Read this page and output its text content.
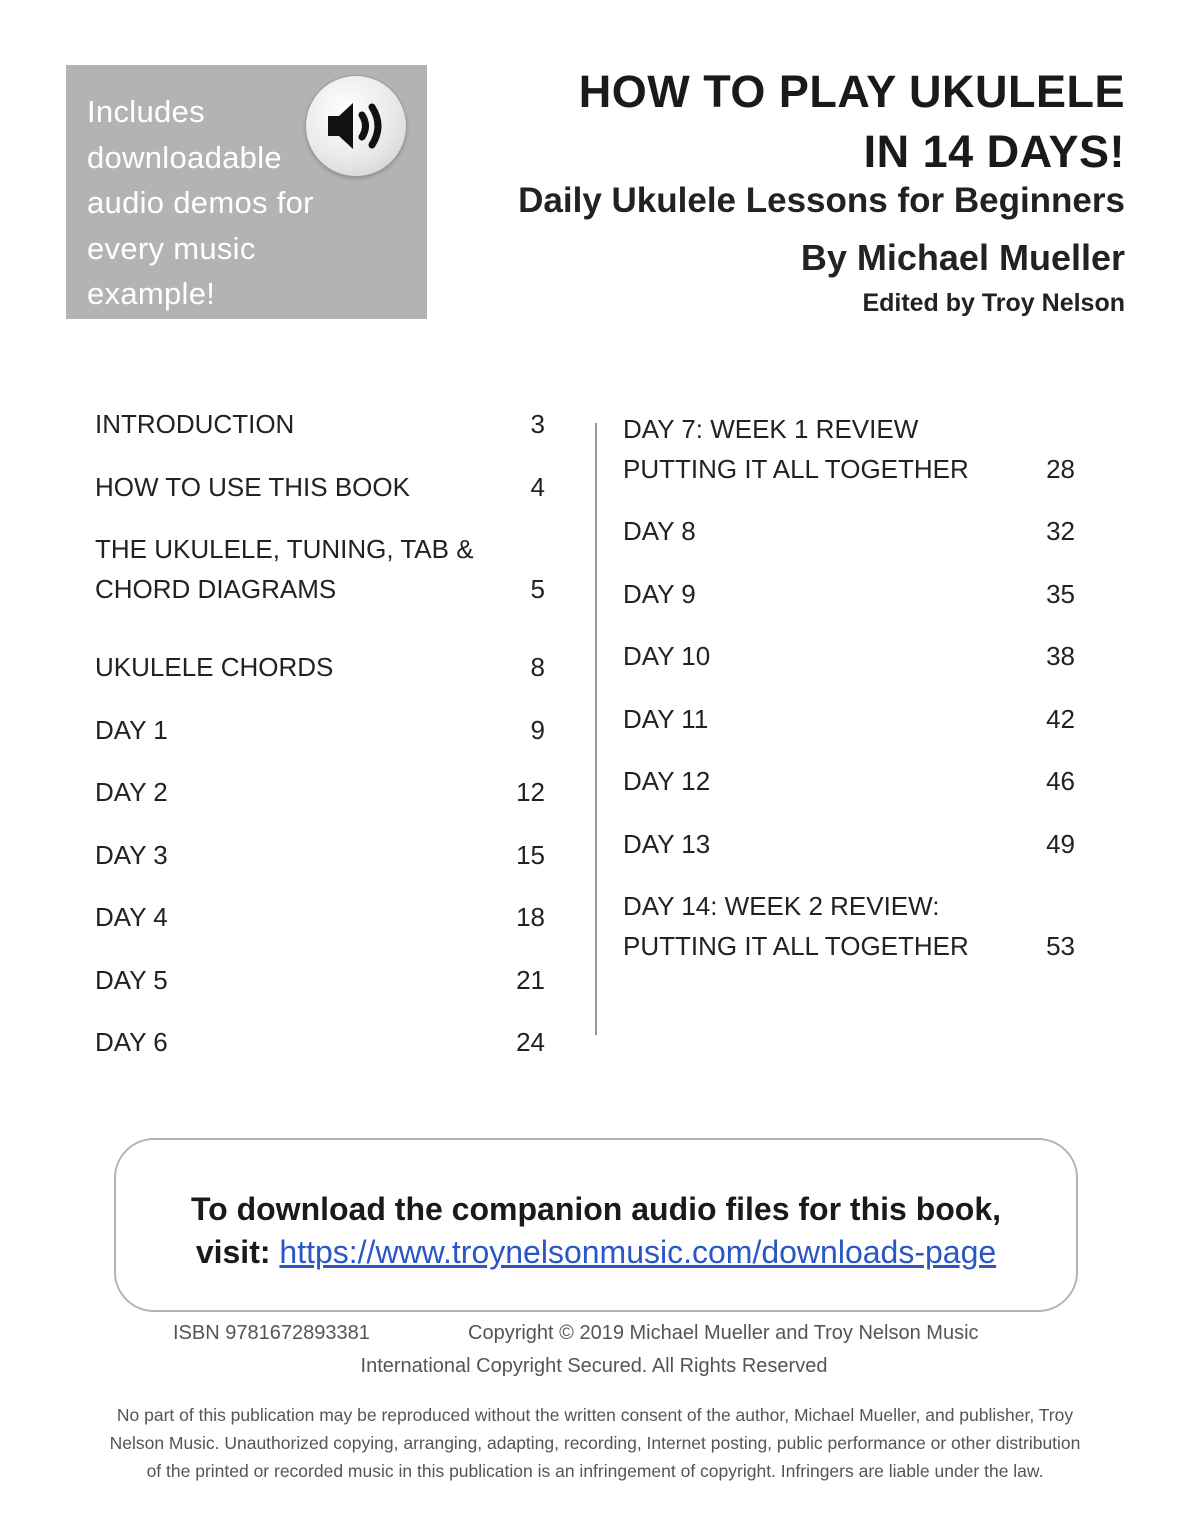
Includes
downloadable
audio demos for
every music
example!
HOW TO PLAY UKULELE
IN 14 DAYS!
Daily Ukulele Lessons for Beginners
By Michael Mueller
Edited by Troy Nelson
INTRODUCTION	3
HOW TO USE THIS BOOK	4
THE UKULELE, TUNING, TAB &
CHORD DIAGRAMS	5
UKULELE CHORDS	8
DAY 1	9
DAY 2	12
DAY 3	15
DAY 4	18
DAY 5	21
DAY 6	24
DAY 7: WEEK 1 REVIEW
PUTTING IT ALL TOGETHER	28
DAY 8	32
DAY 9	35
DAY 10	38
DAY 11	42
DAY 12	46
DAY 13	49
DAY 14: WEEK 2 REVIEW:
PUTTING IT ALL TOGETHER	53
To download the companion audio files for this book,
visit: https://www.troynelsonmusic.com/downloads-page
ISBN 9781672893381	Copyright © 2019 Michael Mueller and Troy Nelson Music
International Copyright Secured. All Rights Reserved
No part of this publication may be reproduced without the written consent of the author, Michael Mueller, and publisher, Troy
Nelson Music. Unauthorized copying, arranging, adapting, recording, Internet posting, public performance or other distribution
of the printed or recorded music in this publication is an infringement of copyright. Infringers are liable under the law.
